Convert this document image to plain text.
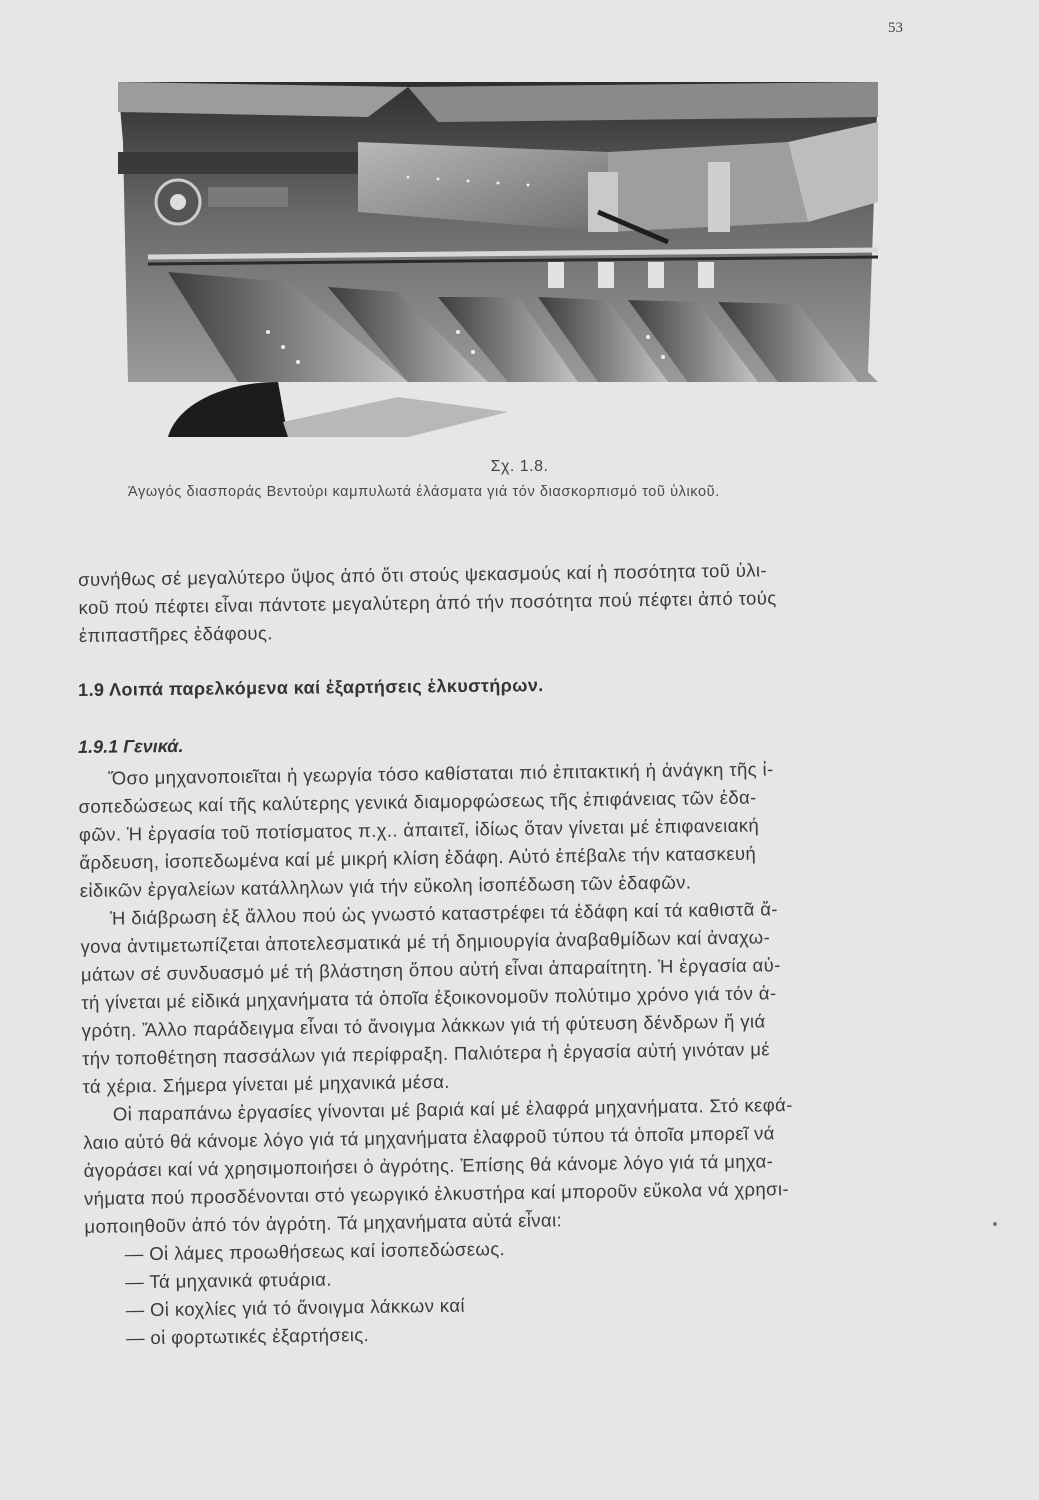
53
Σχ. 1.8.
Άγωγός διασποράς Βεντούρι καμπυλωτά ἐλάσματα γιά τόν διασκορπισμό τοῦ ὑλικοῦ.
συνήθως σέ μεγαλύτερο ὕψος ἀπό ὅτι στούς ψεκασμούς καί ἡ ποσότητα τοῦ ὑλι-
κοῦ πού πέφτει εἶναι πάντοτε μεγαλύτερη ἀπό τήν ποσότητα πού πέφτει ἀπό τούς
ἐπιπαστῆρες ἐδάφους.
1.9 Λοιπά παρελκόμενα καί ἐξαρτήσεις ἑλκυστήρων.
1.9.1 Γενικά.
Ὅσο μηχανοποιεῖται ἡ γεωργία τόσο καθίσταται πιό ἐπιτακτική ἡ ἀνάγκη τῆς ἰ-
σοπεδώσεως καί τῆς καλύτερης γενικά διαμορφώσεως τῆς ἐπιφάνειας τῶν ἐδα-
φῶν. Ἡ ἐργασία τοῦ ποτίσματος π.χ.. ἀπαιτεῖ, ἰδίως ὅταν γίνεται μέ ἐπιφανειακή
ἄρδευση, ἰσοπεδωμένα καί μέ μικρή κλίση ἐδάφη. Αὐτό ἐπέβαλε τήν κατασκευή
εἰδικῶν ἐργαλείων κατάλληλων γιά τήν εὔκολη ἰσοπέδωση τῶν ἐδαφῶν.
Ἡ διάβρωση ἐξ ἄλλου πού ὡς γνωστό καταστρέφει τά ἐδάφη καί τά καθιστᾶ ἄ-
γονα ἀντιμετωπίζεται ἀποτελεσματικά μέ τή δημιουργία ἀναβαθμίδων καί ἀναχω-
μάτων σέ συνδυασμό μέ τή βλάστηση ὅπου αὐτή εἶναι ἀπαραίτητη. Ἡ ἐργασία αὐ-
τή γίνεται μέ εἰδικά μηχανήματα τά ὁποῖα ἐξοικονομοῦν πολύτιμο χρόνο γιά τόν ἀ-
γρότη. Ἄλλο παράδειγμα εἶναι τό ἄνοιγμα λάκκων γιά τή φύτευση δένδρων ἤ γιά
τήν τοποθέτηση πασσάλων γιά περίφραξη. Παλιότερα ἡ ἐργασία αὐτή γινόταν μέ
τά χέρια. Σήμερα γίνεται μέ μηχανικά μέσα.
Οἱ παραπάνω ἐργασίες γίνονται μέ βαριά καί μέ ἐλαφρά μηχανήματα. Στό κεφά-
λαιο αὐτό θά κάνομε λόγο γιά τά μηχανήματα ἐλαφροῦ τύπου τά ὁποῖα μπορεῖ νά
ἀγοράσει καί νά χρησιμοποιήσει ὁ ἀγρότης. Ἐπίσης θά κάνομε λόγο γιά τά μηχα-
νήματα πού προσδένονται στό γεωργικό ἑλκυστήρα καί μποροῦν εὔκολα νά χρησι-
μοποιηθοῦν ἀπό τόν ἀγρότη. Τά μηχανήματα αὐτά εἶναι:
— Οἱ λάμες προωθήσεως καί ἰσοπεδώσεως.
— Τά μηχανικά φτυάρια.
— Οἱ κοχλίες γιά τό ἄνοιγμα λάκκων καί
— οἱ φορτωτικές ἐξαρτήσεις.
